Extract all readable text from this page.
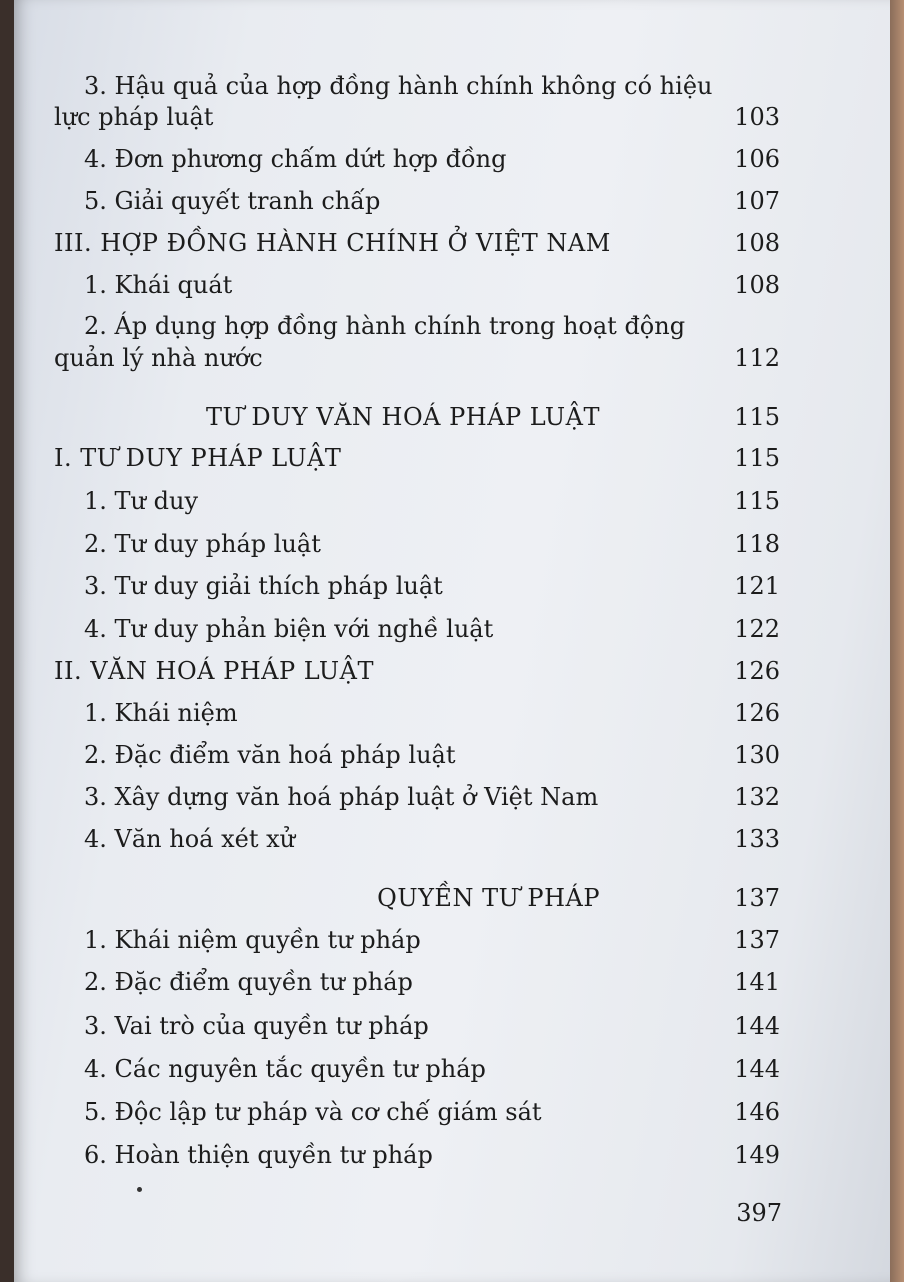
3. Hậu quả của hợp đồng hành chính không có hiệu
lực pháp luật	103
4. Đơn phương chấm dứt hợp đồng	106
5. Giải quyết tranh chấp	107
III. HỢP ĐỒNG HÀNH CHÍNH Ở VIỆT NAM	108
1. Khái quát	108
2. Áp dụng hợp đồng hành chính trong hoạt động
quản lý nhà nước	112
TƯ DUY VĂN HOÁ PHÁP LUẬT	115
I. TƯ DUY PHÁP LUẬT	115
1. Tư duy	115
2. Tư duy pháp luật	118
3. Tư duy giải thích pháp luật	121
4. Tư duy phản biện với nghề luật	122
II. VĂN HOÁ PHÁP LUẬT	126
1. Khái niệm	126
2. Đặc điểm văn hoá pháp luật	130
3. Xây dựng văn hoá pháp luật ở Việt Nam	132
4. Văn hoá xét xử	133
QUYỀN TƯ PHÁP	137
1. Khái niệm quyền tư pháp	137
2. Đặc điểm quyền tư pháp	141
3. Vai trò của quyền tư pháp	144
4. Các nguyên tắc quyền tư pháp	144
5. Độc lập tư pháp và cơ chế giám sát	146
6. Hoàn thiện quyền tư pháp	149
397
